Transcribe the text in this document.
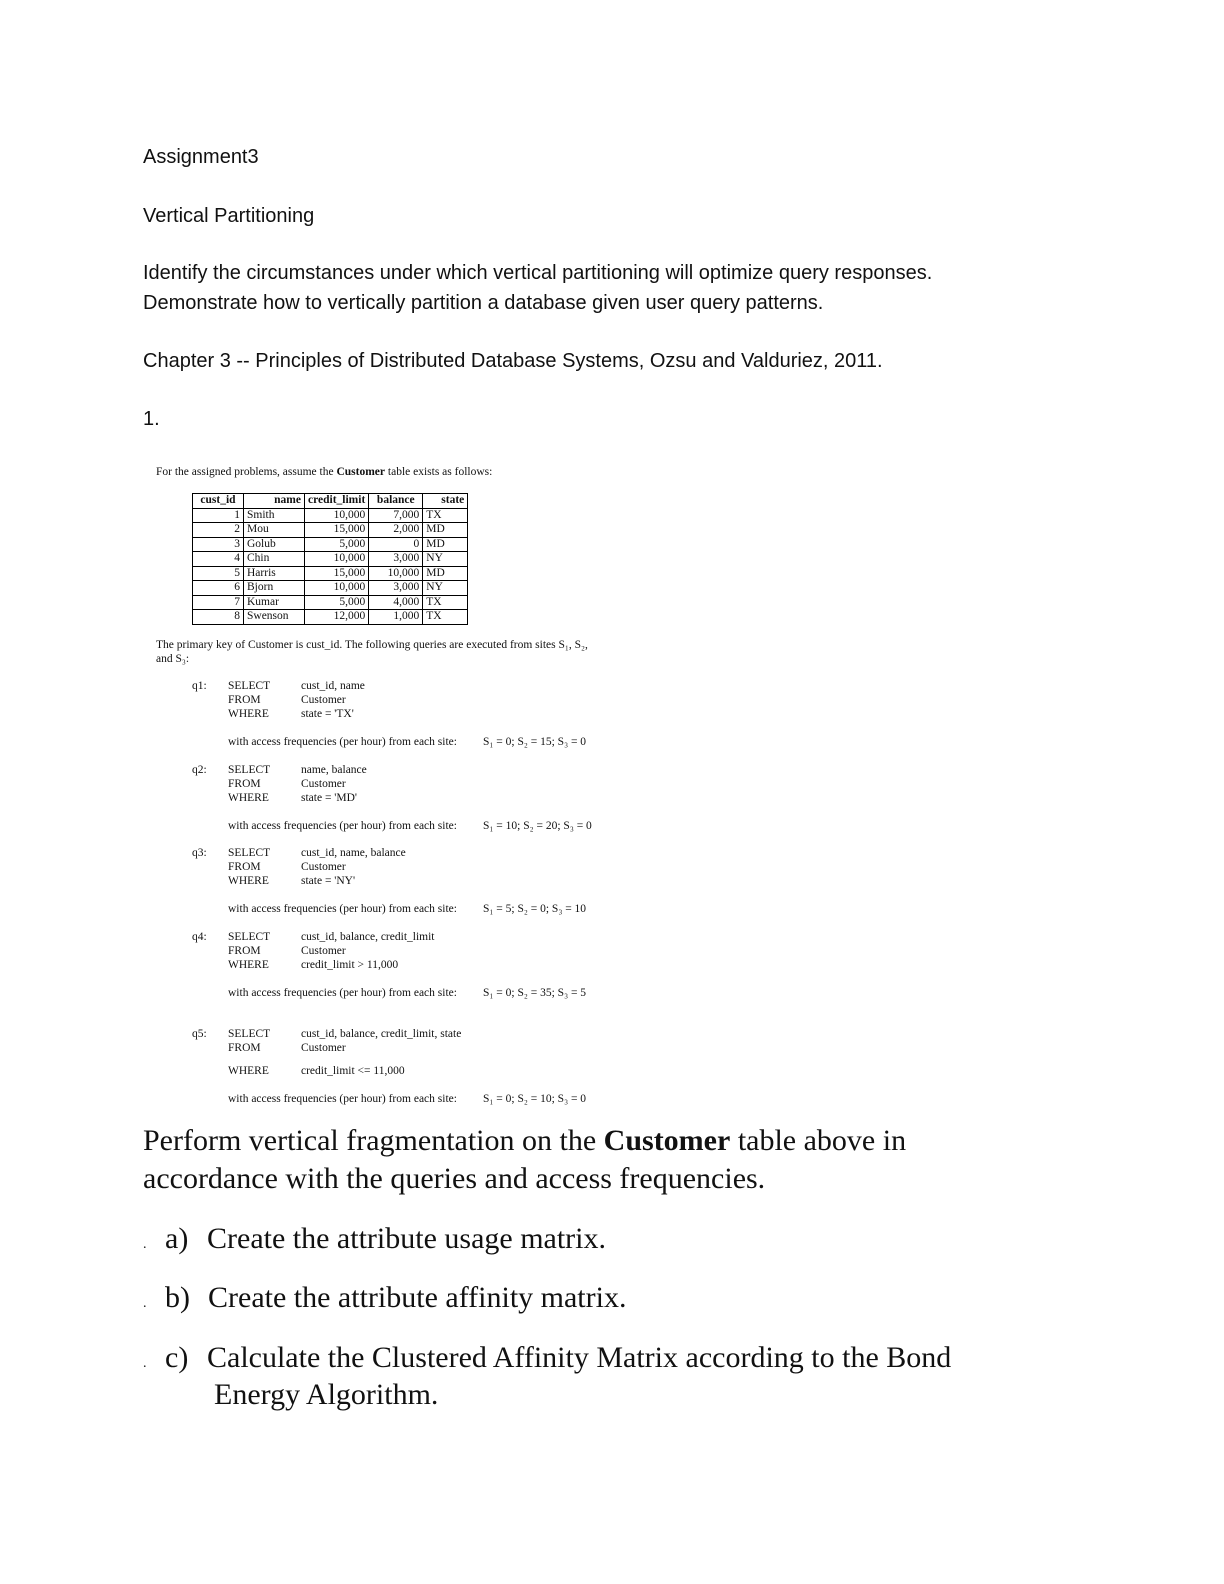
Assignment3
Vertical Partitioning
Identify the circumstances under which vertical partitioning will optimize query responses.
Demonstrate how to vertically partition a database given user query patterns.
Chapter 3 -- Principles of Distributed Database Systems, Ozsu and Valduriez, 2011.
1.
For the assigned problems, assume the Customer table exists as follows:
cust_id	name	credit_limit	balance	state
1	Smith	10,000	7,000	TX
2	Mou	15,000	2,000	MD
3	Golub	5,000	0	MD
4	Chin	10,000	3,000	NY
5	Harris	15,000	10,000	MD
6	Bjorn	10,000	3,000	NY
7	Kumar	5,000	4,000	TX
8	Swenson	12,000	1,000	TX
The primary key of Customer is cust_id. The following queries are executed from sites S₁, S₂,
and S₃:
q1: SELECT	cust_id, name
FROM	Customer
WHERE	state = 'TX'
with access frequencies (per hour) from each site: S₁ = 0; S₂ = 15; S₃ = 0
q2: SELECT	name, balance
FROM	Customer
WHERE	state = 'MD'
with access frequencies (per hour) from each site: S₁ = 10; S₂ = 20; S₃ = 0
q3: SELECT	cust_id, name, balance
FROM	Customer
WHERE	state = 'NY'
with access frequencies (per hour) from each site: S₁ = 5; S₂ = 0; S₃ = 10
q4: SELECT	cust_id, balance, credit_limit
FROM	Customer
WHERE	credit_limit > 11,000
with access frequencies (per hour) from each site: S₁ = 0; S₂ = 35; S₃ = 5
q5: SELECT	cust_id, balance, credit_limit, state
FROM	Customer
WHERE	credit_limit <= 11,000
with access frequencies (per hour) from each site: S₁ = 0; S₂ = 10; S₃ = 0
Perform vertical fragmentation on the Customer table above in
accordance with the queries and access frequencies.
. a) Create the attribute usage matrix.
. b) Create the attribute affinity matrix.
. c) Calculate the Clustered Affinity Matrix according to the Bond
Energy Algorithm.
